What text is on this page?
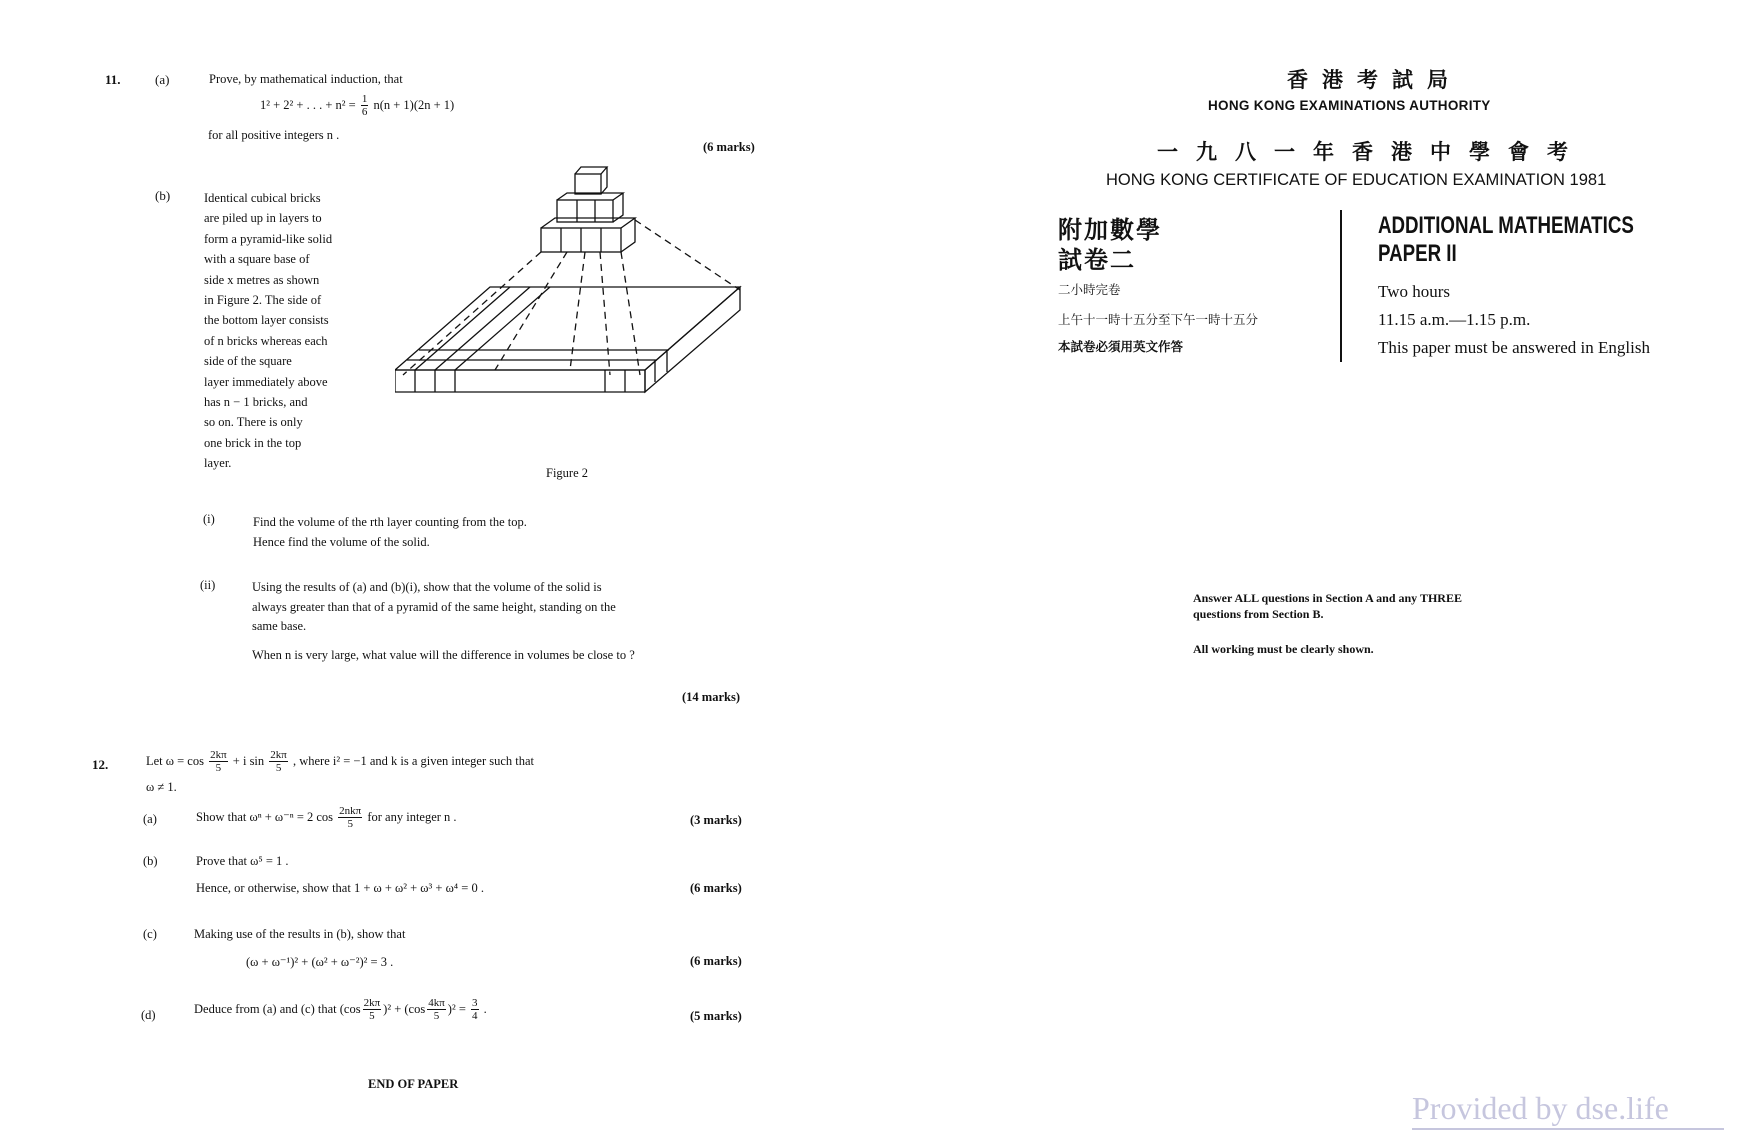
11.	(a)	Prove, by mathematical induction, that
1² + 2² + . . . + $n^2 = \frac{1}{6} n(n + 1)(2n + 1)$
for all positive integers n .
(6 marks)
(b)	Identical cubical bricks
are piled up in layers to
form a pyramid-like solid
with a square base of
side x metres as shown
in Figure 2. The side of
the bottom layer consists
of n bricks whereas each
side of the square
layer immediately above
has n − 1 bricks, and
so on. There is only
one brick in the top
layer.
Figure 2
(i)	Find the volume of the rth layer counting from the top.
Hence find the volume of the solid.
(ii)	Using the results of (a) and (b)(i), show that the volume of the solid is
always greater than that of a pyramid of the same height, standing on the
same base.
When n is very large, what value will the difference in volumes be close to ?
(14 marks)
12.	Let $\omega = \cos \frac{2k\pi}{5} + i$ $\sin \frac{2k\pi}{5}$ , where i² = −1 and k is a given integer such that
ω ≠ 1.
(a)	Show that ωⁿ + ω⁻ⁿ = 2 $\cos \frac{\text{2nkπ}}{5}$ for any integer n .	(3 marks)
(b)	Prove that ω⁵ = 1 .
Hence, or otherwise, show that 1 + ω + ω² + ω³ + ω⁴ = 0 .	(6 marks)
(c)	Making use of the results in (b), show that
(ω + ω⁻¹)² + (ω² + ω⁻²)² = 3 .	(6 marks)
(d)	Deduce from (a) and (c) that $(\cos \frac{2k\pi}{5} )^2 + (\cos \frac{4k\pi}{5} )^2 = \frac{3}{4}$ .
(5 marks)
END OF PAPER
香港考試局
HONG KONG EXAMINATIONS AUTHORITY
一九八一年香港中學會考
HONG KONG CERTIFICATE OF EDUCATION EXAMINATION 1981
附加數學
試卷二
二小時完卷
上午十一時十五分至下午一時十五分
本試卷必須用英文作答
ADDITIONAL MATHEMATICS
PAPER II
Two hours
11.15 a.m.—1.15 p.m.
This paper must be answered in English
Answer ALL questions in Section A and any THREE
questions from Section B.
All working must be clearly shown.
Provided by dse.life
